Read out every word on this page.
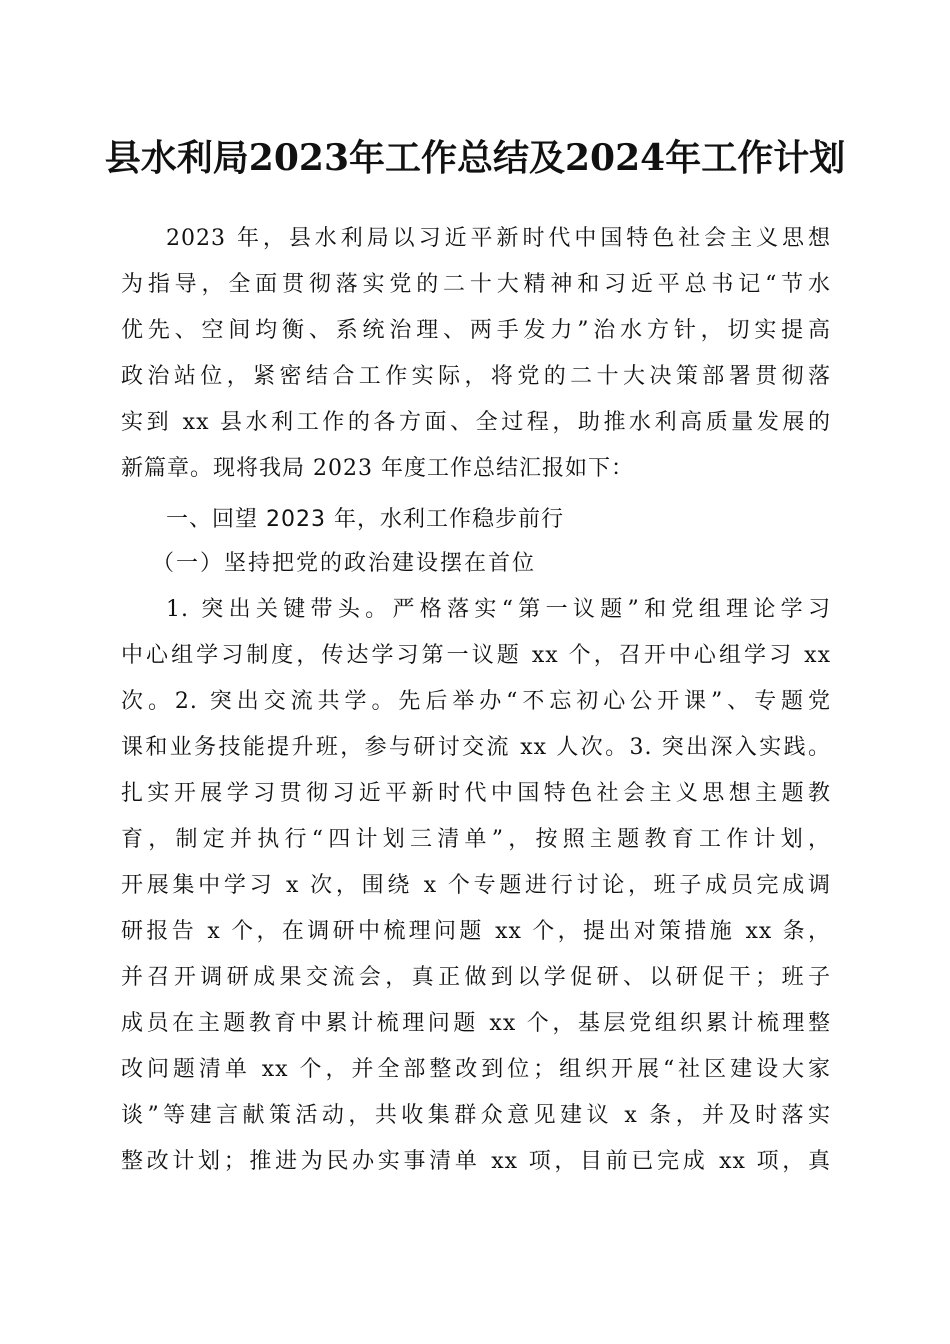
县水利局2023年工作总结及2024年工作计划
2023 年，县水利局以习近平新时代中国特色社会主义思想
为指导，全面贯彻落实党的二十大精神和习近平总书记“节水
优先、空间均衡、系统治理、两手发力”治水方针，切实提高
政治站位，紧密结合工作实际，将党的二十大决策部署贯彻落
实到 xx 县水利工作的各方面、全过程，助推水利高质量发展的
新篇章。现将我局 2023 年度工作总结汇报如下：
一、回望 2023 年，水利工作稳步前行
（一）坚持把党的政治建设摆在首位
1. 突出关键带头。严格落实“第一议题”和党组理论学习
中心组学习制度，传达学习第一议题 xx 个，召开中心组学习 xx
次。2. 突出交流共学。先后举办“不忘初心公开课”、专题党
课和业务技能提升班，参与研讨交流 xx 人次。3. 突出深入实践。
扎实开展学习贯彻习近平新时代中国特色社会主义思想主题教
育，制定并执行“四计划三清单”，按照主题教育工作计划，
开展集中学习 x 次，围绕 x 个专题进行讨论，班子成员完成调
研报告 x 个，在调研中梳理问题 xx 个，提出对策措施 xx 条，
并召开调研成果交流会，真正做到以学促研、以研促干；班子
成员在主题教育中累计梳理问题 xx 个，基层党组织累计梳理整
改问题清单 xx 个，并全部整改到位；组织开展“社区建设大家
谈”等建言献策活动，共收集群众意见建议 x 条，并及时落实
整改计划；推进为民办实事清单 xx 项，目前已完成 xx 项，真
